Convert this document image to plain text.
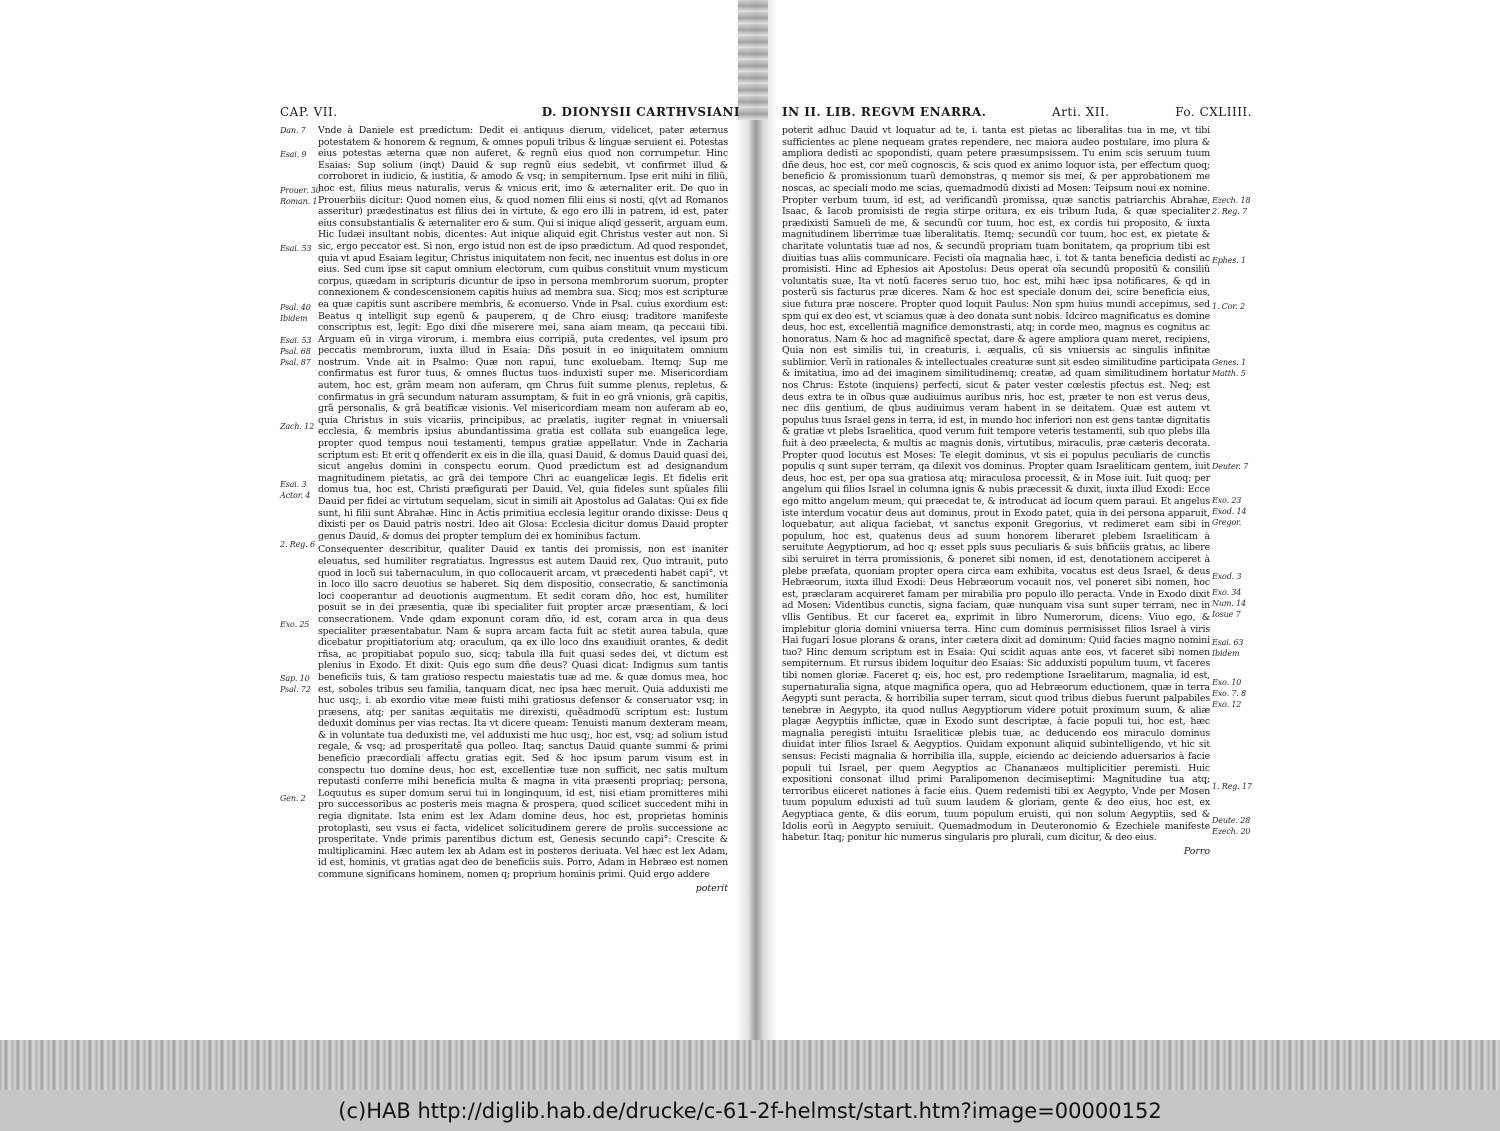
CAP. VII.	D. DIONYSII CARTHVSIANI
Dan. 7
Esai. 9
Prouer. 30
Roman. 1
Esai. 53
Psal. 40
Ibidem
Esai. 53
Psal. 68
Psal. 87
Zach. 12
Esai. 3
Actor. 4
2. Reg. 6
Exo. 25
Sap. 10
Psal. 72
Gen. 2

Vnde à Daniele est prædictum: Dedit ei antiquus dierum, videlicet, pater æternus potestatem & honorem & regnum, & omnes populi tribus & linguæ seruient ei. Potestas eius potestas æterna quæ non auferet, & regnũ eius quod non corrumpetur. Hinc Esaias: Sup solium (inqt) Dauid & sup regnũ eius sedebit, vt confirmet illud & corroboret in iudicio, & iustitia, & amodo & vsq; in sempiternum. Ipse erit mihi in filiũ, hoc est, filius meus naturalis, verus & vnicus erit, imo & æternaliter erit. De quo in Prouerbiis dicitur: Quod nomen eius, & quod nomen filii eius si nosti, q(vt ad Romanos asseritur) prædestinatus est filius dei in virtute, & ego ero illi in patrem, id est, pater eius consubstantialis & æternaliter ero & sum. Qui si inique aliqd gesserit, arguam eum. Hic Iudæi insultant nobis, dicentes: Aut inique aliquid egit Christus vester aut non. Si sic, ergo peccator est. Si non, ergo istud non est de ipso prædictum. Ad quod respondet, quia vt apud Esaiam legitur, Christus iniquitatem non fecit, nec inuentus est dolus in ore eius. Sed cum ipse sit caput omnium electorum, cum quibus constituit vnum mysticum corpus, quædam in scripturis dicuntur de ipso in persona membrorum suorum, propter connexionem & condescensionem capitis huius ad membra sua. Sicq; mos est scripturæ ea quæ capitis sunt ascribere membris, & econuerso. Vnde in Psal. cuius exordium est: Beatus q intelligit sup egenũ & pauperem, q de Chro eiusq; traditore manifeste conscriptus est, legit: Ego dixi dñe miserere mei, sana aiam meam, qa peccaui tibi. Arguam eũ in virga virorum, i. membra eius corripiã, puta credentes, vel ipsum pro peccatis membrorum, iuxta illud in Esaia: Dñs posuit in eo iniquitatem omnium nostrum. Vnde ait in Psalmo: Quæ non rapui, tunc exoluebam. Itemq; Sup me confirmatus est furor tuus, & omnes fluctus tuos induxisti super me. Misericordiam autem, hoc est, grãm meam non auferam, qm Chrus fuit summe plenus, repletus, & confirmatus in grã secundum naturam assumptam, & fuit in eo grã vnionis, grã capitis, grã personalis, & grã beatificæ visionis. Vel misericordiam meam non auferam ab eo, quia Christus in suis vicariis, principibus, ac prælatis, iugiter regnat in vniuersali ecclesia, & membris ipsius abundantissima gratia est collata sub euangelica lege, propter quod tempus noui testamenti, tempus gratiæ appellatur. Vnde in Zacharia scriptum est: Et erit q offenderit ex eis in die illa, quasi Dauid, & domus Dauid quasi dei, sicut angelus domini in conspectu eorum. Quod prædictum est ad designandum magnitudinem pietatis, ac grã dei tempore Chri ac euangelicæ legis. Et fidelis erit domus tua, hoc est, Christi præfigurati per Dauid. Vel, quia fideles sunt spũales filii Dauid per fidei ac virtutum sequelam, sicut in simili ait Apostolus ad Galatas: Qui ex fide sunt, hi filii sunt Abrahæ. Hinc in Actis primitiua ecclesia legitur orando dixisse: Deus q dixisti per os Dauid patris nostri. Ideo ait Glosa: Ecclesia dicitur domus Dauid propter genus Dauid, & domus dei propter templum dei ex hominibus factum.

Consequenter describitur, qualiter Dauid ex tantis dei promissis, non est inaniter eleuatus, sed humiliter regratiatus. Ingressus est autem Dauid rex, Quo intrauit, puto quod in locũ sui tabernaculum, in quo collocauerit arcam, vt præcedenti habet capi°, vt in loco illo sacro deuotius se haberet. Siq dem dispositio, consecratio, & sanctimonia loci cooperantur ad deuotionis augmentum. Et sedit coram dño, hoc est, humiliter posuit se in dei præsentia, quæ ibi specialiter fuit propter arcæ præsentiam, & loci consecrationem. Vnde qdam exponunt coram dño, id est, coram arca in qua deus specialiter præsentabatur. Nam & supra arcam facta fuit ac stetit aurea tabula, quæ dicebatur propitiatorium atq; oraculum, qa ex illo loco dns exaudiuit orantes, & dedit rñsa, ac propitiabat populo suo, sicq; tabula illa fuit quasi sedes dei, vt dictum est plenius in Exodo. Et dixit: Quis ego sum dñe deus? Quasi dicat: Indignus sum tantis beneficiis tuis, & tam gratioso respectu maiestatis tuæ ad me. & quæ domus mea, hoc est, soboles tribus seu familia, tanquam dicat, nec ipsa hæc meruit. Quia adduxisti me huc usq;, i. ab exordio vitæ meæ fuisti mihi gratiosus defensor & conseruator vsq; in præsens, atq; per sanitas æquitatis me direxisti, quẽadmodũ scriptum est: Iustum deduxit dominus per vias rectas. Ita vt dicere queam: Tenuisti manum dexteram meam, & in voluntate tua deduxisti me, vel adduxisti me huc usq;, hoc est, vsq; ad solium istud regale, & vsq; ad prosperitatẽ qua polleo. Itaq; sanctus Dauid quante summi & primi beneficio præcordiali affectu gratias egit. Sed & hoc ipsum parum visum est in conspectu tuo domine deus, hoc est, excellentiæ tuæ non sufficit, nec satis multum reputasti conferre mihi beneficia multa & magna in vita præsenti propriaq; persona, Loquutus es super domum serui tui in longinquum, id est, nisi etiam promitteres mihi pro successoribus ac posteris meis magna & prospera, quod scilicet succedent mihi in regia dignitate. Ista enim est lex Adam domine deus, hoc est, proprietas hominis protoplasti, seu vsus ei facta, videlicet solicitudinem gerere de prolis successione ac prosperitate. Vnde primis parentibus dictum est, Genesis secundo capi°: Crescite & multiplicamini. Hæc autem lex ab Adam est in posteros deriuata. Vel hæc est lex Adam, id est, hominis, vt gratias agat deo de beneficiis suis. Porro, Adam in Hebræo est nomen commune significans hominem, nomen q; proprium hominis primi. Quid ergo addere

poterit
IN II. LIB. REGVM ENARRA.	Arti. XII.	Fo. CXLIIII.
Ezech. 18
2. Reg. 7
Ephes. 1
1. Cor. 2
Genes. 1
Matth. 5
Deuter. 7
Exo. 23
Exod. 14
Gregor.
Exod. 3
Exo. 34
Num. 14
Iosue 7
Esai. 63
Ibidem
Exo. 10
Exo. 7. 8
Exo. 12
1. Reg. 17
Deute. 28
Ezech. 20

poterit adhuc Dauid vt loquatur ad te, i. tanta est pietas ac liberalitas tua in me, vt tibi sufficientes ac plene nequeam grates rependere, nec maiora audeo postulare, imo plura & ampliora dedisti ac spopondisti, quam petere præsumpsissem. Tu enim scis seruum tuum dñe deus, hoc est, cor meũ cognoscis, & scis quod ex animo loquor ista, per effectum quoq; beneficio & promissionum tuarũ demonstras, q memor sis mei, & per approbationem me noscas, ac speciali modo me scias, quemadmodũ dixisti ad Mosen: Teipsum noui ex nomine. Propter verbum tuum, id est, ad verificandũ promissa, quæ sanctis patriarchis Abrahæ, Isaac, & Iacob promisisti de regia stirpe oritura, ex eis tribum Iuda, & quæ specialiter prædixisti Samueli de me, & secundũ cor tuum, hoc est, ex cordis tui proposito, & iuxta magnitudinem liberrimæ tuæ liberalitatis. Itemq; secundũ cor tuum, hoc est, ex pietate & charitate voluntatis tuæ ad nos, & secundũ propriam tuam bonitatem, qa proprium tibi est diuitias tuas aliis communicare. Fecisti oĩa magnalia hæc, i. tot & tanta beneficia dedisti ac promisisti. Hinc ad Ephesios ait Apostolus: Deus operat oĩa secundũ propositũ & consiliũ voluntatis suæ, Ita vt notũ faceres seruo tuo, hoc est, mihi hæc ipsa notificares, & qd in posterũ sis facturus præ diceres. Nam & hoc est speciale donum dei, scire beneficia eius, siue futura præ noscere. Propter quod loquit Paulus: Non spm huius mundi accepimus, sed spm qui ex deo est, vt sciamus quæ à deo donata sunt nobis. Idcirco magnificatus es domine deus, hoc est, excellentiã magnifice demonstrasti, atq; in corde meo, magnus es cognitus ac honoratus. Nam & hoc ad magnificẽ spectat, dare & agere ampliora quam meret, recipiens, Quia non est similis tui, in creaturis, i. æqualis, cũ sis vniuersis ac singulis infinitæ sublimior. Verũ in rationales & intellectuales creaturæ sunt sit esdeo similitudine participata & imitatiua, imo ad dei imaginem similitudinemq; creatæ, ad quam similitudinem hortatur nos Chrus: Estote (inquiens) perfecti, sicut & pater vester cœlestis pfectus est. Neq; est deus extra te in oĩbus quæ audiuimus auribus nris, hoc est, præter te non est verus deus, nec diis gentium, de qbus audiuimus veram habent in se deitatem. Quæ est autem vt populus tuus Israel gens in terra, id est, in mundo hoc inferiori non est gens tantæ dignitatis & gratiæ vt plebs Israelitica, quod verum fuit tempore veteris testamenti, sub quo plebs illa fuit à deo præelecta, & multis ac magnis donis, virtutibus, miraculis, præ cæteris decorata. Propter quod locutus est Moses: Te elegit dominus, vt sis ei populus peculiaris de cunctis populis q sunt super terram, qa dilexit vos dominus. Propter quam Israeliticam gentem, iuit deus, hoc est, per opa sua gratiosa atq; miraculosa processit, & in Mose iuit. Iuit quoq; per angelum qui filios Israel in columna ignis & nubis præcessit & duxit, iuxta illud Exodi: Ecce ego mitto angelum meum, qui præcedat te, & introducat ad locum quem paraui. Et angelus iste interdum vocatur deus aut dominus, prout in Exodo patet, quia in dei persona apparuit, loquebatur, aut aliqua faciebat, vt sanctus exponit Gregorius, vt redimeret eam sibi in populum, hoc est, quatenus deus ad suum honorem liberaret plebem Israeliticam à seruitute Aegyptiorum, ad hoc q; esset ppls suus peculiaris & suis bñficiis gratus, ac libere sibi seruiret in terra promissionis, & poneret sibi nomen, id est, denotationem acciperet à plebe præfata, quoniam propter opera circa eam exhibita, vocatus est deus Israel, & deus Hebræorum, iuxta illud Exodi: Deus Hebræorum vocauit nos, vel poneret sibi nomen, hoc est, præclaram acquireret famam per mirabilia pro populo illo peracta. Vnde in Exodo dixit ad Mosen: Videntibus cunctis, signa faciam, quæ nunquam visa sunt super terram, nec in vllis Gentibus. Et cur faceret ea, exprimit in libro Numerorum, dicens: Viuo ego, & implebitur gloria domini vniuersa terra. Hinc cum dominus permisisset filios Israel à viris Hai fugari Iosue plorans & orans, inter cætera dixit ad dominum: Quid facies magno nomini tuo? Hinc demum scriptum est in Esaia: Qui scidit aquas ante eos, vt faceret sibi nomen sempiternum. Et rursus ibidem loquitur deo Esaias: Sic adduxisti populum tuum, vt faceres tibi nomen gloriæ. Faceret q; eis, hoc est, pro redemptione Israelitarum, magnalia, id est, supernaturalia signa, atque magnifica opera, quo ad Hebræorum eductionem, quæ in terra Aegypti sunt peracta, & horribilia super terram, sicut quod tribus diebus fuerunt palpabiles tenebræ in Aegypto, ita quod nullus Aegyptiorum videre potuit proximum suum, & aliæ plagæ Aegyptiis inflictæ, quæ in Exodo sunt descriptæ, à facie populi tui, hoc est, hæc magnalia peregisti intuitu Israeliticæ plebis tuæ, ac deducendo eos miraculo dominus diuidat inter filios Israel & Aegyptios. Quidam exponunt aliquid subintelligendo, vt hic sit sensus: Fecisti magnalia & horribilia illa, supple, eiciendo ac deiciendo aduersarios à facie populi tui Israel, per quem Aegyptios ac Chananæos multiplicitier peremisti. Huic expositioni consonat illud primi Paralipomenon decimiseptimi: Magnitudine tua atq; terroribus eiiceret nationes à facie eius. Quem redemisti tibi ex Aegypto, Vnde per Mosen tuum populum eduxisti ad tuũ suum laudem & gloriam, gente & deo eius, hoc est, ex Aegyptiaca gente, & diis eorum, tuum populum eruisti, qui non solum Aegyptiis, sed & Idolis eorũ in Aegypto seruiuit. Quemadmodum in Deuteronomio & Ezechiele manifeste habetur. Itaq; ponitur hic numerus singularis pro plurali, cum dicitur, & deo eius.

Porro
(c)HAB http://diglib.hab.de/drucke/c-61-2f-helmst/start.htm?image=00000152
